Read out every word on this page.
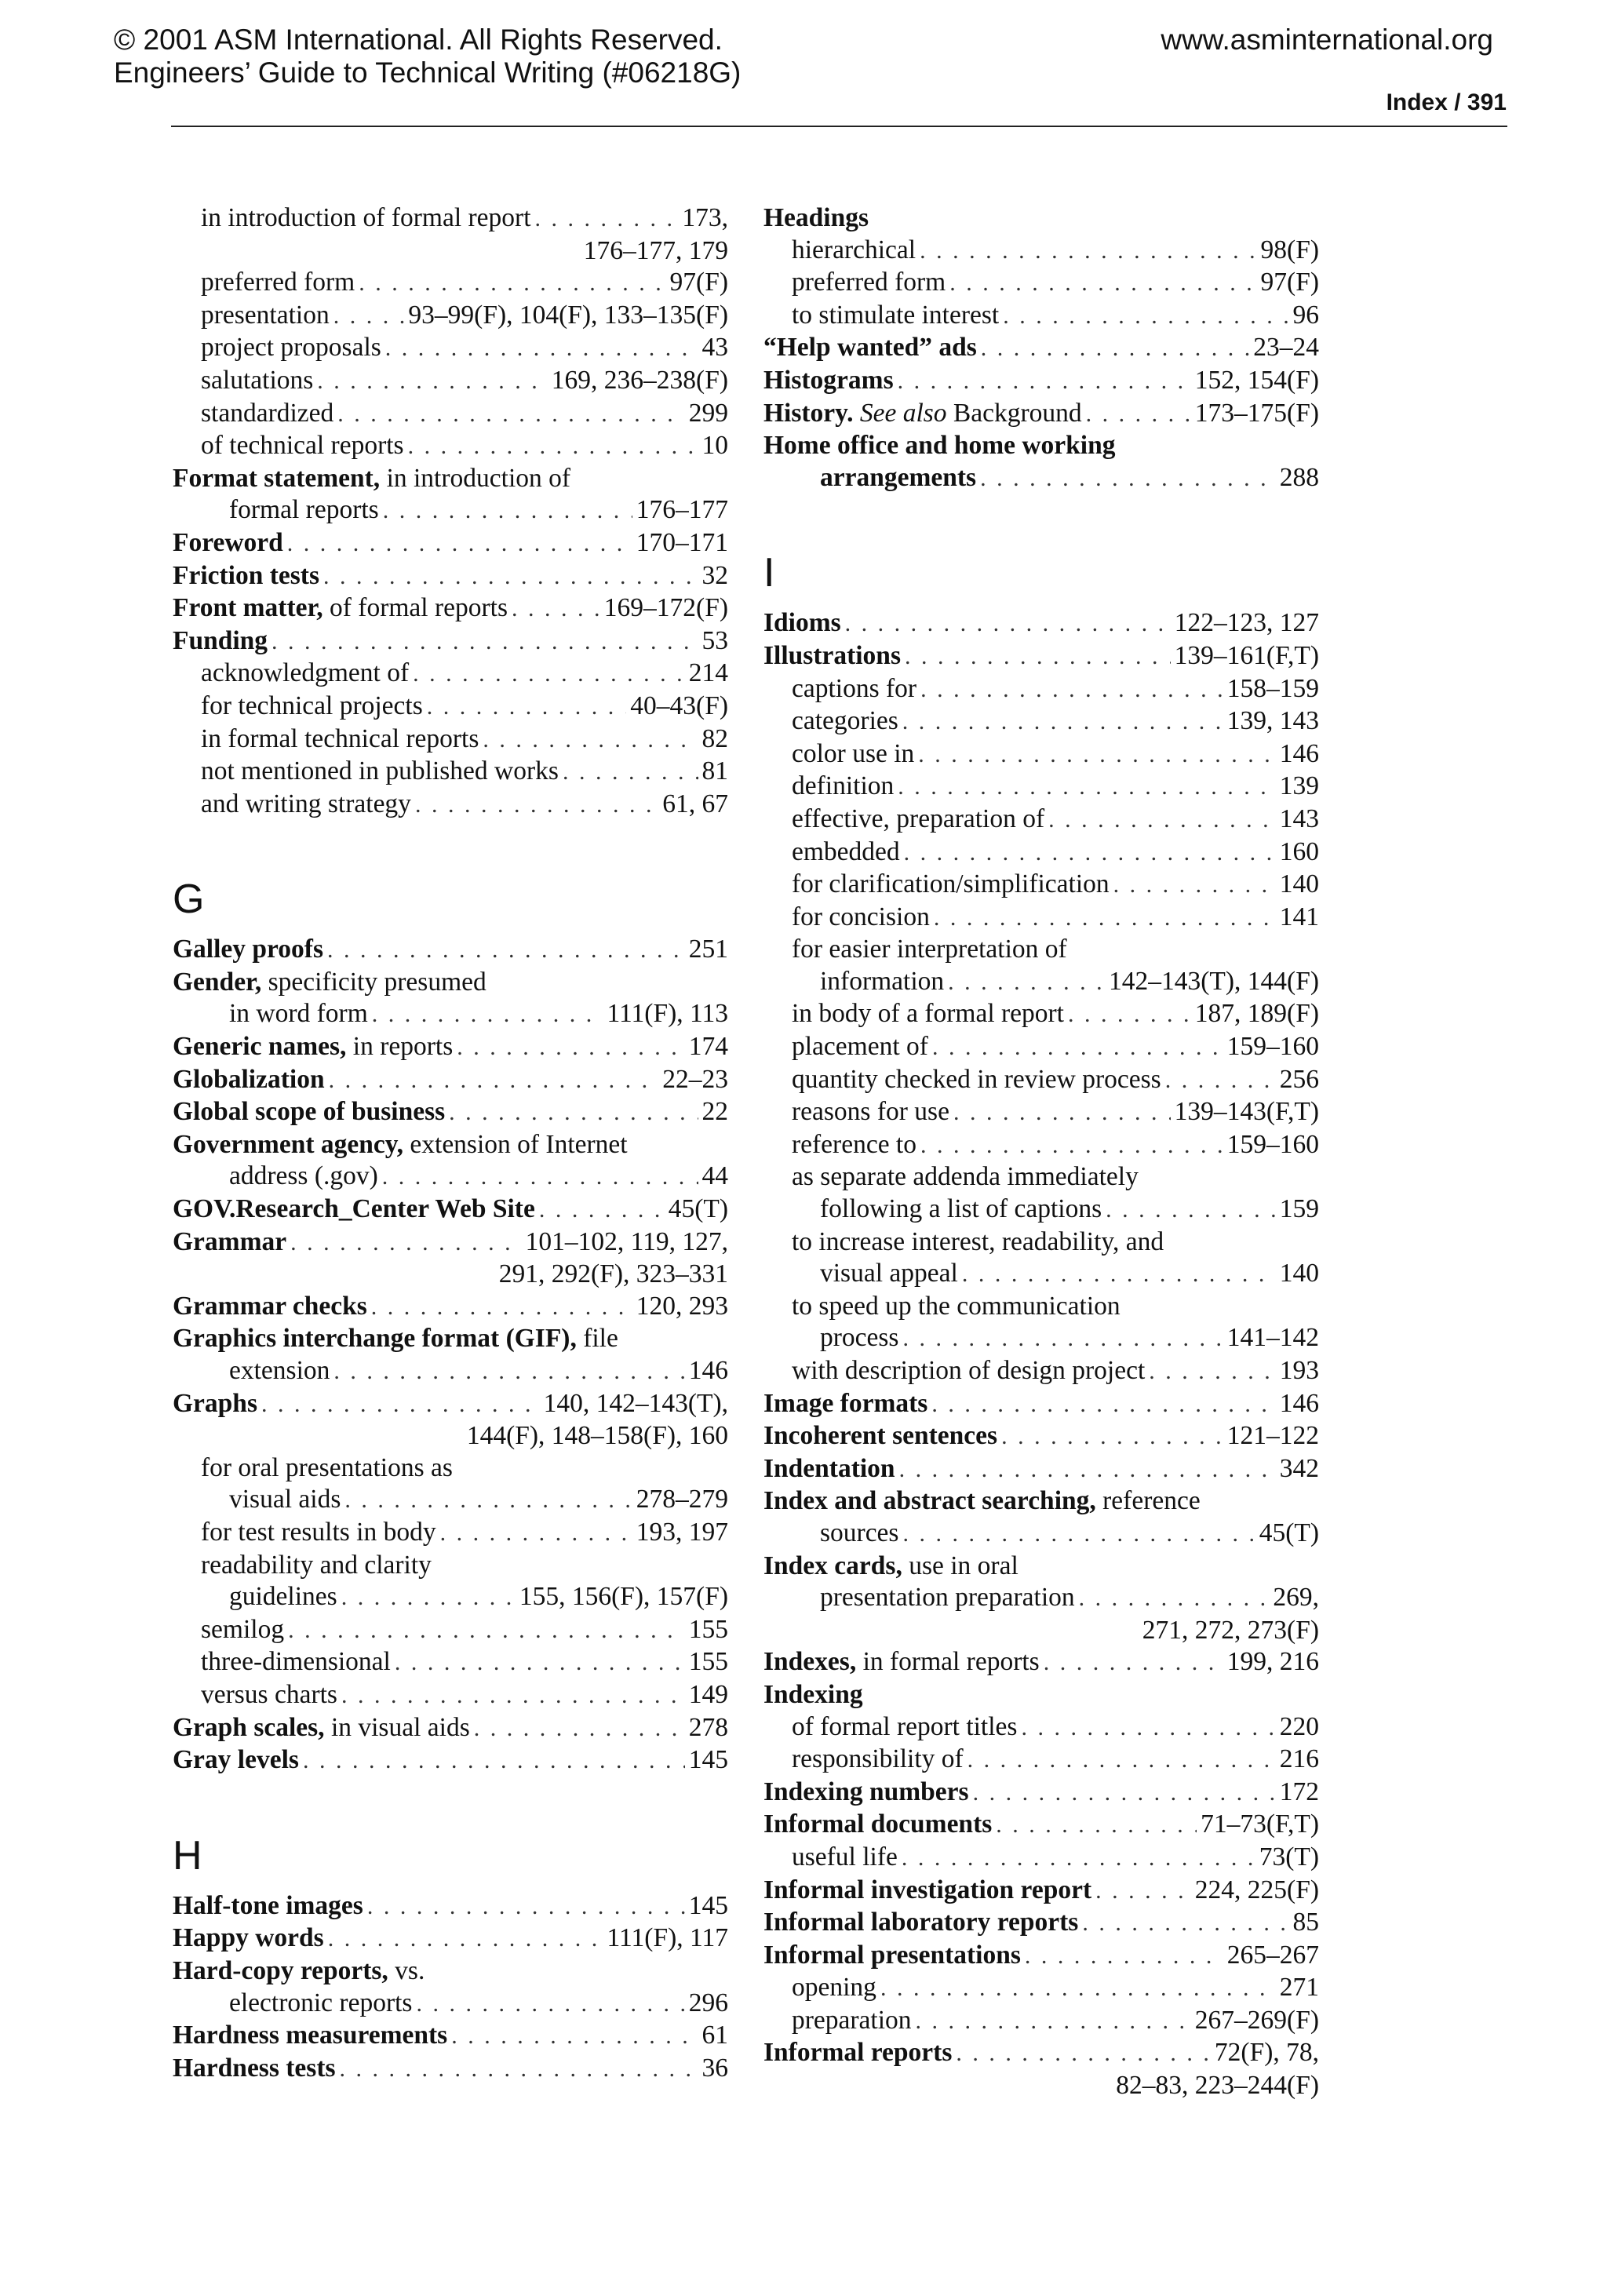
© 2001 ASM International. All Rights Reserved.	www.asminternational.org
Engineers’ Guide to Technical Writing (#06218G)
Index / 391
in introduction of formal report . . .	173,
176–177, 179
preferred form . . .	97(F)
presentation . . .	93–99(F), 104(F), 133–135(F)
project proposals . . .	43
salutations . . .	169, 236–238(F)
standardized . . .	299
of technical reports . . .	10
Format statement, in introduction of
formal reports . . .	176–177
Foreword . . .	170–171
Friction tests . . .	32
Front matter, of formal reports . . .	169–172(F)
Funding . . .	53
acknowledgment of . . .	214
for technical projects . . .	40–43(F)
in formal technical reports . . .	82
not mentioned in published works . . .	81
and writing strategy . . .	61, 67
G
Galley proofs . . .	251
Gender, specificity presumed
in word form . . .	111(F), 113
Generic names, in reports . . .	174
Globalization . . .	22–23
Global scope of business . . .	22
Government agency, extension of Internet
address (.gov) . . .	44
GOV.Research_Center Web Site . . .	45(T)
Grammar . . .	101–102, 119, 127,
291, 292(F), 323–331
Grammar checks . . .	120, 293
Graphics interchange format (GIF), file
extension . . .	146
Graphs . . .	140, 142–143(T),
144(F), 148–158(F), 160
for oral presentations as
visual aids . . .	278–279
for test results in body . . .	193, 197
readability and clarity
guidelines . . .	155, 156(F), 157(F)
semilog . . .	155
three-dimensional . . .	155
versus charts . . .	149
Graph scales, in visual aids . . .	278
Gray levels . . .	145
H
Half-tone images . . .	145
Happy words . . .	111(F), 117
Hard-copy reports, vs.
electronic reports . . .	296
Hardness measurements . . .	61
Hardness tests . . .	36
Headings
hierarchical . . .	98(F)
preferred form . . .	97(F)
to stimulate interest . . .	96
“Help wanted” ads . . .	23–24
Histograms . . .	152, 154(F)
History. See also Background . . .	173–175(F)
Home office and home working
arrangements . . .	288
I
Idioms . . .	122–123, 127
Illustrations . . .	139–161(F,T)
captions for . . .	158–159
categories . . .	139, 143
color use in . . .	146
definition . . .	139
effective, preparation of . . .	143
embedded . . .	160
for clarification/simplification . . .	140
for concision . . .	141
for easier interpretation of
information . . .	142–143(T), 144(F)
in body of a formal report . . .	187, 189(F)
placement of . . .	159–160
quantity checked in review process . . .	256
reasons for use . . .	139–143(F,T)
reference to . . .	159–160
as separate addenda immediately
following a list of captions . . .	159
to increase interest, readability, and
visual appeal . . .	140
to speed up the communication
process . . .	141–142
with description of design project . . .	193
Image formats . . .	146
Incoherent sentences . . .	121–122
Indentation . . .	342
Index and abstract searching, reference
sources . . .	45(T)
Index cards, use in oral
presentation preparation . . .	269,
271, 272, 273(F)
Indexes, in formal reports . . .	199, 216
Indexing
of formal report titles . . .	220
responsibility of . . .	216
Indexing numbers . . .	172
Informal documents . . .	71–73(F,T)
useful life . . .	73(T)
Informal investigation report . . .	224, 225(F)
Informal laboratory reports . . .	85
Informal presentations . . .	265–267
opening . . .	271
preparation . . .	267–269(F)
Informal reports . . .	72(F), 78,
82–83, 223–244(F)
